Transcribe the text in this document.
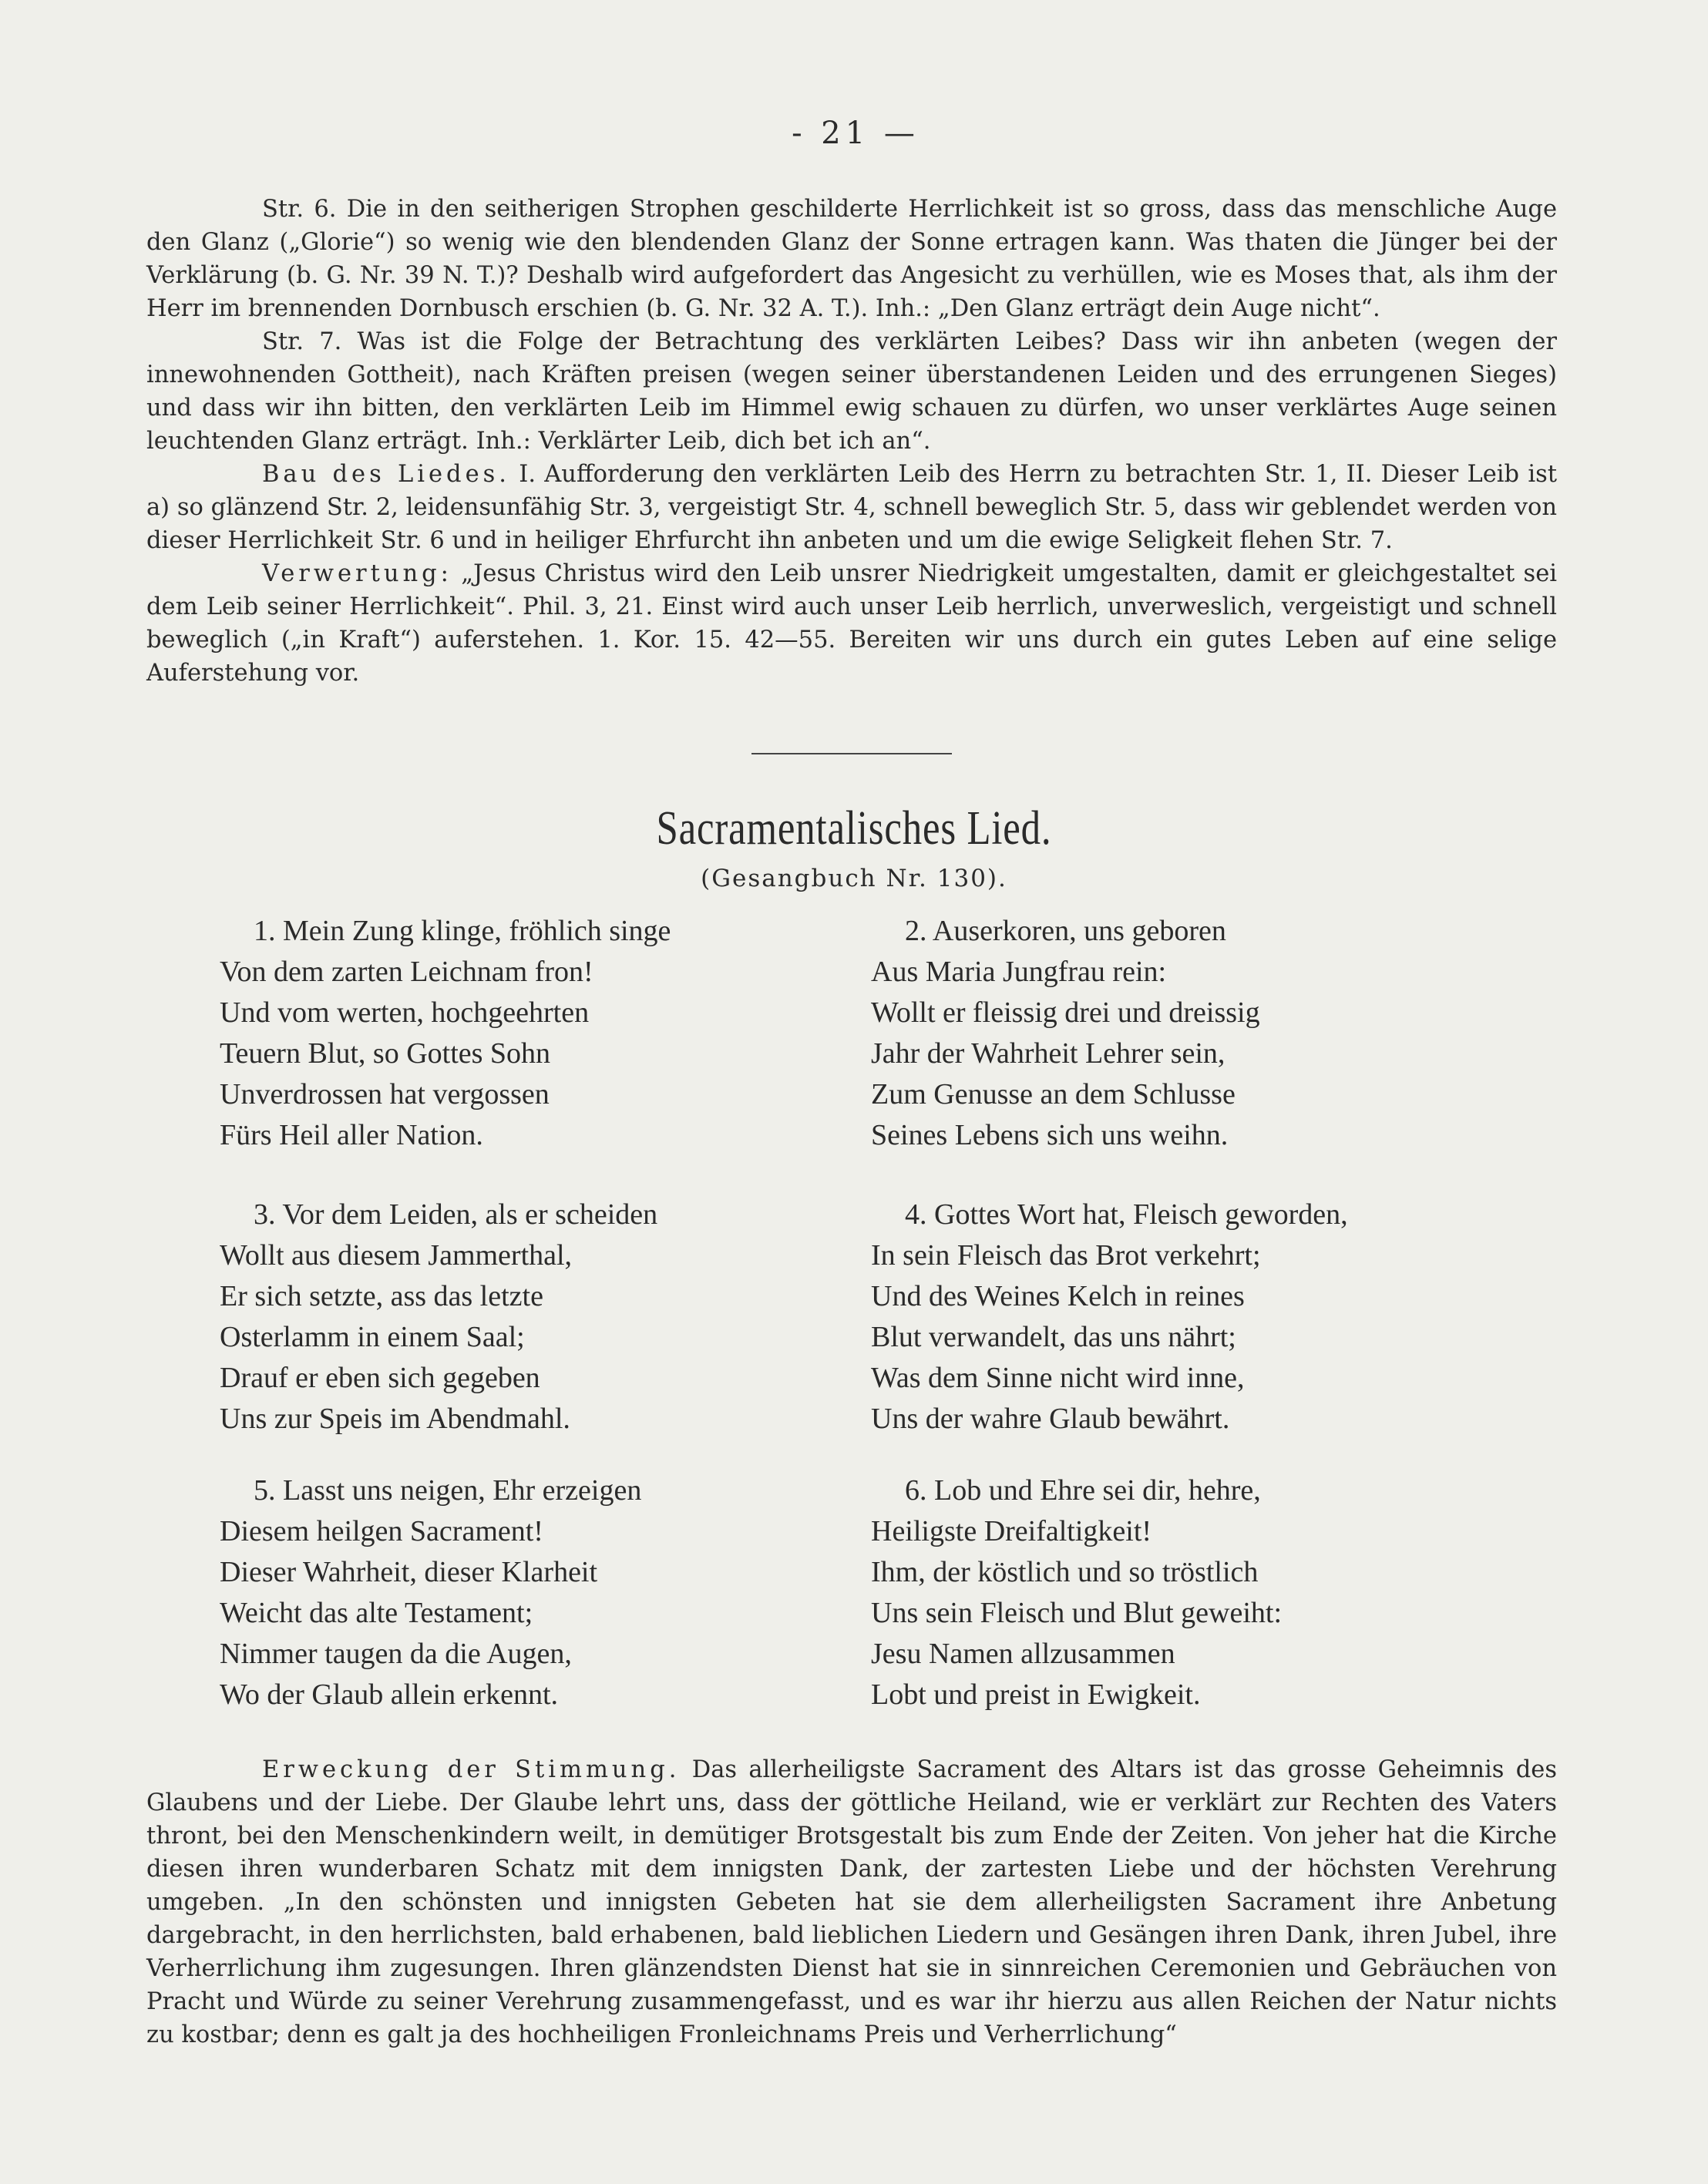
- 21 —

Str. 6. Die in den seitherigen Strophen geschilderte Herrlichkeit ist so gross, dass das menschliche Auge den Glanz („Glorie“) so wenig wie den blendenden Glanz der Sonne ertragen kann. Was thaten die Jünger bei der Verklärung (b. G. Nr. 39 N. T.)? Deshalb wird aufgefordert das Angesicht zu verhüllen, wie es Moses that, als ihm der Herr im brennenden Dornbusch erschien (b. G. Nr. 32 A. T.). Inh.: „Den Glanz erträgt dein Auge nicht“.

Str. 7. Was ist die Folge der Betrachtung des verklärten Leibes? Dass wir ihn anbeten (wegen der innewohnenden Gottheit), nach Kräften preisen (wegen seiner überstandenen Leiden und des errungenen Sieges) und dass wir ihn bitten, den verklärten Leib im Himmel ewig schauen zu dürfen, wo unser verklärtes Auge seinen leuchtenden Glanz erträgt. Inh.: Verklärter Leib, dich bet ich an“.

Bau des Liedes. I. Aufforderung den verklärten Leib des Herrn zu betrachten Str. 1, II. Dieser Leib ist a) so glänzend Str. 2, leidensunfähig Str. 3, vergeistigt Str. 4, schnell beweglich Str. 5, dass wir geblendet werden von dieser Herrlichkeit Str. 6 und in heiliger Ehrfurcht ihn anbeten und um die ewige Seligkeit flehen Str. 7.

Verwertung: „Jesus Christus wird den Leib unsrer Niedrigkeit umgestalten, damit er gleichgestaltet sei dem Leib seiner Herrlichkeit“. Phil. 3, 21. Einst wird auch unser Leib herrlich, unverweslich, vergeistigt und schnell beweglich („in Kraft“) auferstehen. 1. Kor. 15. 42—55. Bereiten wir uns durch ein gutes Leben auf eine selige Auferstehung vor.

Sacramentalisches Lied.
(Gesangbuch Nr. 130).
1. Mein Zung klinge, fröhlich singe
Von dem zarten Leichnam fron!
Und vom werten, hochgeehrten
Teuern Blut, so Gottes Sohn
Unverdrossen hat vergossen
Fürs Heil aller Nation.
2. Auserkoren, uns geboren
Aus Maria Jungfrau rein:
Wollt er fleissig drei und dreissig
Jahr der Wahrheit Lehrer sein,
Zum Genusse an dem Schlusse
Seines Lebens sich uns weihn.
3. Vor dem Leiden, als er scheiden
Wollt aus diesem Jammerthal,
Er sich setzte, ass das letzte
Osterlamm in einem Saal;
Drauf er eben sich gegeben
Uns zur Speis im Abendmahl.
4. Gottes Wort hat, Fleisch geworden,
In sein Fleisch das Brot verkehrt;
Und des Weines Kelch in reines
Blut verwandelt, das uns nährt;
Was dem Sinne nicht wird inne,
Uns der wahre Glaub bewährt.
5. Lasst uns neigen, Ehr erzeigen
Diesem heilgen Sacrament!
Dieser Wahrheit, dieser Klarheit
Weicht das alte Testament;
Nimmer taugen da die Augen,
Wo der Glaub allein erkennt.
6. Lob und Ehre sei dir, hehre,
Heiligste Dreifaltigkeit!
Ihm, der köstlich und so tröstlich
Uns sein Fleisch und Blut geweiht:
Jesu Namen allzusammen
Lobt und preist in Ewigkeit.

Erweckung der Stimmung. Das allerheiligste Sacrament des Altars ist das grosse Geheimnis des Glaubens und der Liebe. Der Glaube lehrt uns, dass der göttliche Heiland, wie er verklärt zur Rechten des Vaters thront, bei den Menschenkindern weilt, in demütiger Brotsgestalt bis zum Ende der Zeiten. Von jeher hat die Kirche diesen ihren wunderbaren Schatz mit dem innigsten Dank, der zartesten Liebe und der höchsten Verehrung umgeben. „In den schönsten und innigsten Gebeten hat sie dem allerheiligsten Sacrament ihre Anbetung dargebracht, in den herrlichsten, bald erhabenen, bald lieblichen Liedern und Gesängen ihren Dank, ihren Jubel, ihre Verherrlichung ihm zugesungen. Ihren glänzendsten Dienst hat sie in sinnreichen Ceremonien und Gebräuchen von Pracht und Würde zu seiner Verehrung zusammengefasst, und es war ihr hierzu aus allen Reichen der Natur nichts zu kostbar; denn es galt ja des hochheiligen Fronleichnams Preis und Verherrlichung“
